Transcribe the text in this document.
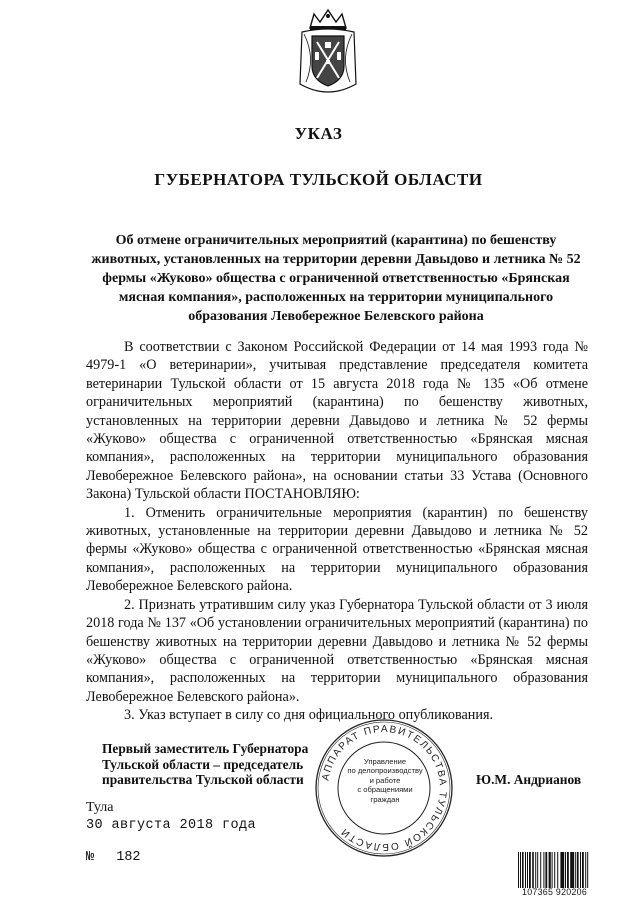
УКАЗ
ГУБЕРНАТОРА ТУЛЬСКОЙ ОБЛАСТИ
Об отмене ограничительных мероприятий (карантина) по бешенству животных, установленных на территории деревни Давыдово и летника № 52 фермы «Жуково» общества с ограниченной ответственностью «Брянская мясная компания», расположенных на территории муниципального образования Левобережное Белевского района

В соответствии с Законом Российской Федерации от 14 мая 1993 года № 4979-1 «О ветеринарии», учитывая представление председателя комитета ветеринарии Тульской области от 15 августа 2018 года № 135 «Об отмене ограничительных мероприятий (карантина) по бешенству животных, установленных на территории деревни Давыдово и летника № 52 фермы «Жуково» общества с ограниченной ответственностью «Брянская мясная компания», расположенных на территории муниципального образования Левобережное Белевского района», на основании статьи 33 Устава (Основного Закона) Тульской области ПОСТАНОВЛЯЮ:

1. Отменить ограничительные мероприятия (карантин) по бешенству животных, установленные на территории деревни Давыдово и летника № 52 фермы «Жуково» общества с ограниченной ответственностью «Брянская мясная компания», расположенных на территории муниципального образования Левобережное Белевского района.

2. Признать утратившим силу указ Губернатора Тульской области от 3 июля 2018 года № 137 «Об установлении ограничительных мероприятий (карантина) по бешенству животных на территории деревни Давыдово и летника № 52 фермы «Жуково» общества с ограниченной ответственностью «Брянская мясная компания», расположенных на территории муниципального образования Левобережное Белевского района».

3. Указ вступает в силу со дня официального опубликования.

Первый заместитель Губернатора
Тульской области – председатель
правительства Тульской области	Ю.М. Андрианов
АППАРАТ ПРАВИТЕЛЬСТВА ТУЛЬСКОЙ ОБЛАСТИ
Управление
по делопроизводству
и работе
с обращениями
граждан
Тула
30 августа 2018 года
№ 182
107365 920206
